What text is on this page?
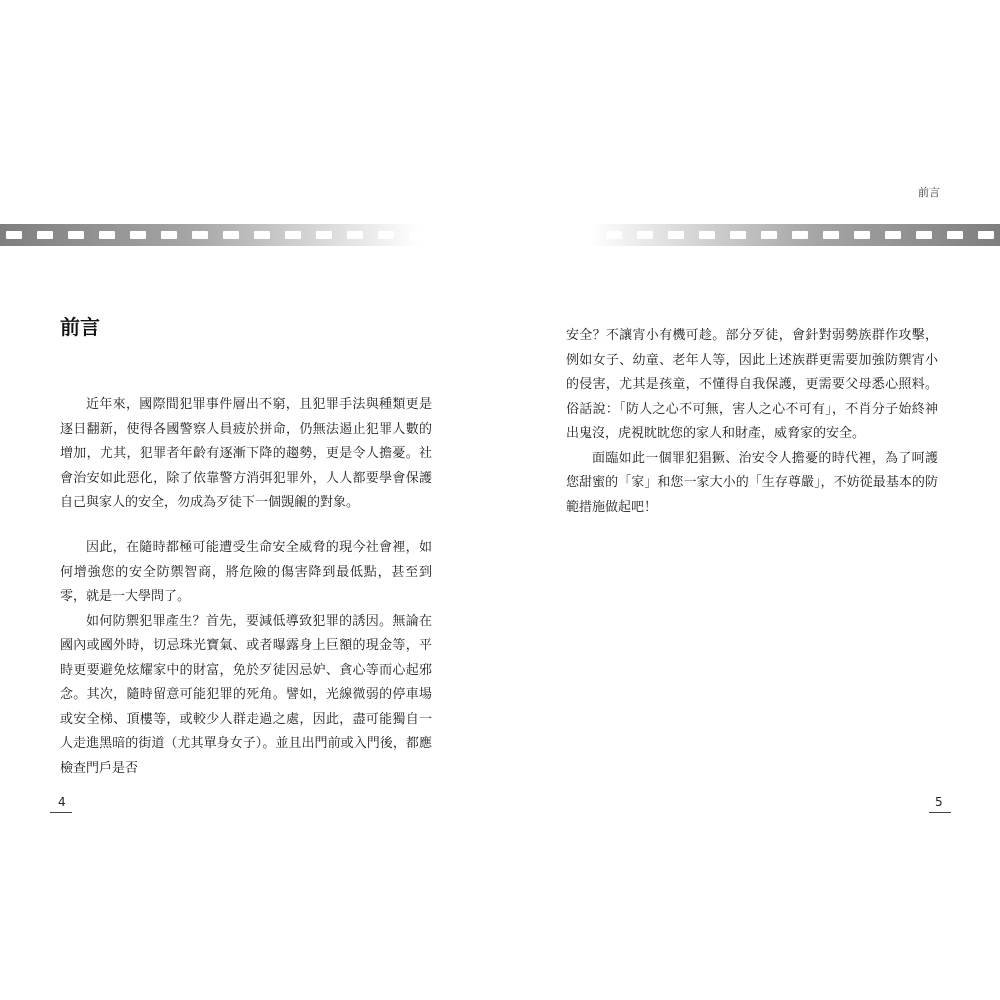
前言
前言

近年來，國際間犯罪事件層出不窮，且犯罪手法與種類更是逐日翻新，使得各國警察人員疲於拼命，仍無法遏止犯罪人數的增加，尤其，犯罪者年齡有逐漸下降的趨勢，更是令人擔憂。社會治安如此惡化，除了依靠警方消弭犯罪外，人人都要學會保護自己與家人的安全，勿成為歹徒下一個覬覦的對象。

因此，在隨時都極可能遭受生命安全威脅的現今社會裡，如何增強您的安全防禦智商，將危險的傷害降到最低點，甚至到零，就是一大學問了。

如何防禦犯罪產生？首先，要減低導致犯罪的誘因。無論在國內或國外時，切忌珠光寶氣、或者曝露身上巨額的現金等，平時更要避免炫耀家中的財富，免於歹徒因忌妒、貪心等而心起邪念。其次，隨時留意可能犯罪的死角。譬如，光線微弱的停車場或安全梯、頂樓等，或較少人群走過之處，因此，盡可能獨自一人走進黑暗的街道（尤其單身女子）。並且出門前或入門後，都應檢查門戶是否

安全？不讓宵小有機可趁。部分歹徒，會針對弱勢族群作攻擊，例如女子、幼童、老年人等，因此上述族群更需要加強防禦宵小的侵害，尤其是孩童，不懂得自我保護，更需要父母悉心照料。俗話說：「防人之心不可無，害人之心不可有」，不肖分子始終神出鬼沒，虎視眈眈您的家人和財產，威脅家的安全。

面臨如此一個罪犯猖獗、治安令人擔憂的時代裡，為了呵護您甜蜜的「家」和您一家大小的「生存尊嚴」，不妨從最基本的防範措施做起吧！

4	5
